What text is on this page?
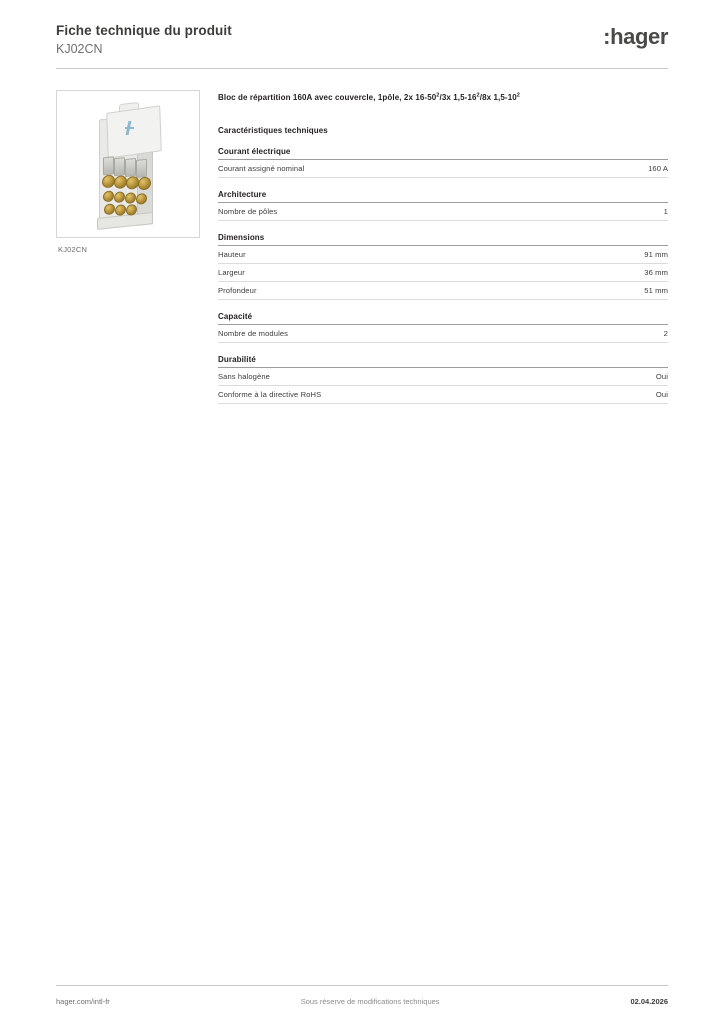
Fiche technique du produit
KJ02CN	:hager
KJ02CN
Bloc de répartition 160A avec couvercle, 1pôle, 2x $16-50^2/3x$ $1,5-16^2/8x$ $1,5-10^2$
Caractéristiques techniques
Courant électrique
Courant assigné nominal	160 A
Architecture
Nombre de pôles	1
Dimensions
Hauteur	91 mm
Largeur	36 mm
Profondeur	51 mm
Capacité
Nombre de modules	2
Durabilité
Sans halogène	Oui
Conforme à la directive RoHS	Oui
hager.com/intl-fr	Sous réserve de modifications techniques	02.04.2026
